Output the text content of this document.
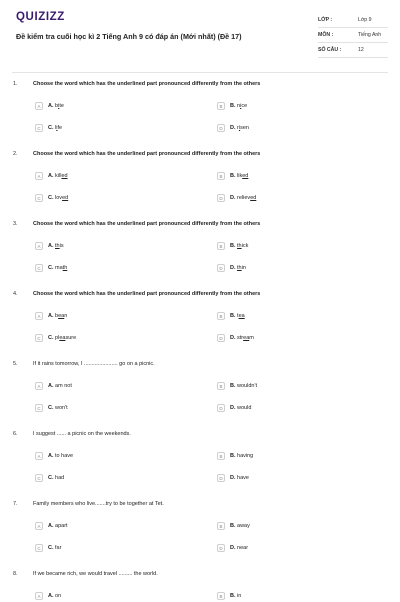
QUIZIZZ
Đề kiểm tra cuối học kì 2 Tiếng Anh 9 có đáp án (Mới nhất) (Đề 17)
LỚP :	Lớp 9
MÔN :	Tiếng Anh
SỐ CÂU :	12
1.	Choose the word which has the underlined part pronounced differently from the others
A	A. bite	B	B. nice
C	C. life	D	D. risen
2.	Choose the word which has the underlined part pronounced differently from the others
A	A. killed	B	B. liked
C	C. loved	D	D. relieved
3.	Choose the word which has the underlined part pronounced differently from the others
A	A. this	B	B. thick
C	C. math	D	D. thin
4.	Choose the word which has the underlined part pronounced differently from the others
A	A. bean	B	B. tea
C	C. pleasure	D	D. stream
5.	If it rains tomorrow, I ...................... go on a picnic.
A	A. am not	B	B. wouldn't
C	C. won't	D	D. would
6.	I suggest ...... a picnic on the weekends.
A	A. to have	B	B. having
C	C. had	D	D. have
7.	Family members who live.......try to be together at Tet.
A	A. apart	B	B. away
C	C. far	D	D. near
8.	If we became rich, we would travel ......... the world.
A	A. on	B	B. in
